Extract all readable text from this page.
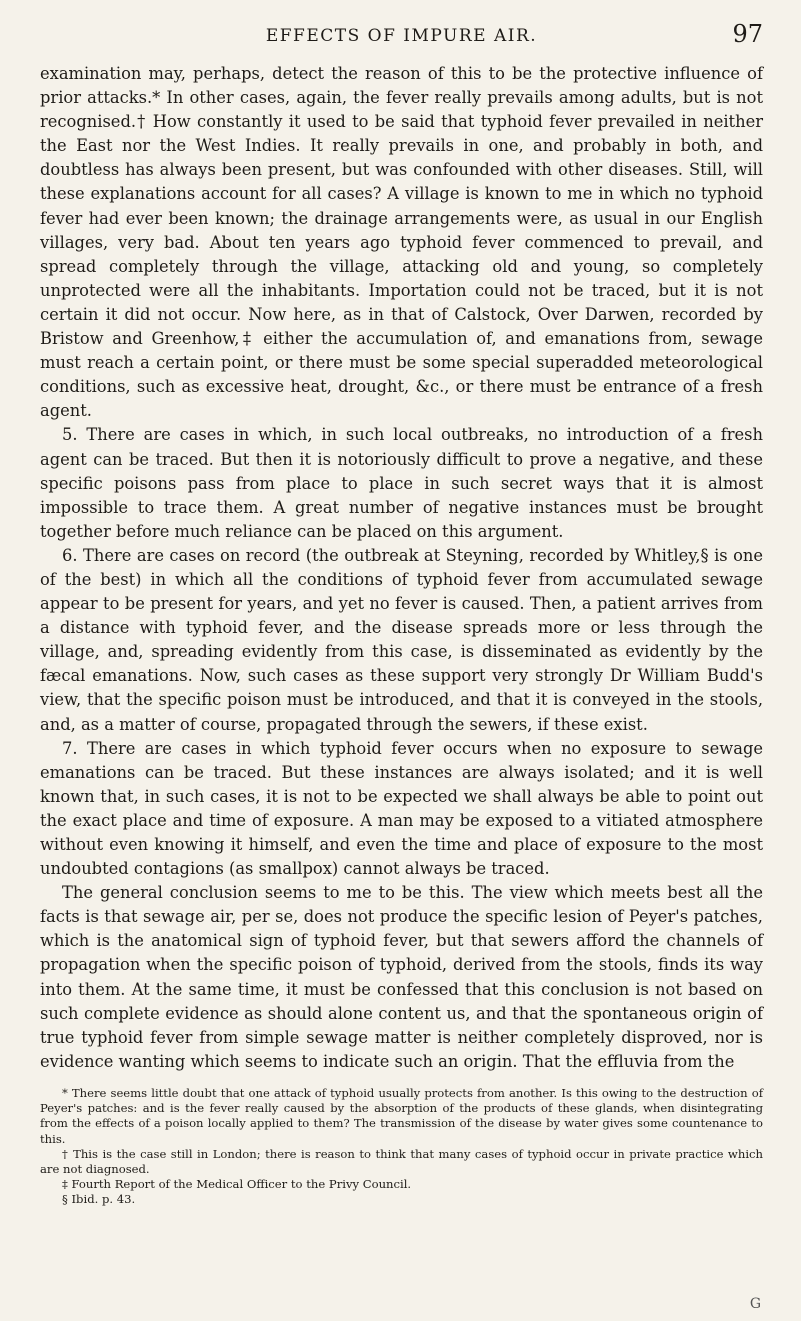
EFFECTS OF IMPURE AIR.	97

examination may, perhaps, detect the reason of this to be the protective influence of prior attacks.* In other cases, again, the fever really prevails among adults, but is not recognised.† How constantly it used to be said that typhoid fever prevailed in neither the East nor the West Indies. It really prevails in one, and probably in both, and doubtless has always been present, but was confounded with other diseases. Still, will these explanations account for all cases? A village is known to me in which no typhoid fever had ever been known; the drainage arrangements were, as usual in our English villages, very bad. About ten years ago typhoid fever commenced to prevail, and spread completely through the village, attacking old and young, so completely unprotected were all the inhabitants. Importation could not be traced, but it is not certain it did not occur. Now here, as in that of Calstock, Over Darwen, recorded by Bristow and Greenhow,‡ either the accumulation of, and emanations from, sewage must reach a certain point, or there must be some special superadded meteorological conditions, such as excessive heat, drought, &c., or there must be entrance of a fresh agent.

5. There are cases in which, in such local outbreaks, no introduction of a fresh agent can be traced. But then it is notoriously difficult to prove a negative, and these specific poisons pass from place to place in such secret ways that it is almost impossible to trace them. A great number of negative instances must be brought together before much reliance can be placed on this argument.

6. There are cases on record (the outbreak at Steyning, recorded by Whitley,§ is one of the best) in which all the conditions of typhoid fever from accumulated sewage appear to be present for years, and yet no fever is caused. Then, a patient arrives from a distance with typhoid fever, and the disease spreads more or less through the village, and, spreading evidently from this case, is disseminated as evidently by the fæcal emanations. Now, such cases as these support very strongly Dr William Budd's view, that the specific poison must be introduced, and that it is conveyed in the stools, and, as a matter of course, propagated through the sewers, if these exist.

7. There are cases in which typhoid fever occurs when no exposure to sewage emanations can be traced. But these instances are always isolated; and it is well known that, in such cases, it is not to be expected we shall always be able to point out the exact place and time of exposure. A man may be exposed to a vitiated atmosphere without even knowing it himself, and even the time and place of exposure to the most undoubted contagions (as smallpox) cannot always be traced.

The general conclusion seems to me to be this. The view which meets best all the facts is that sewage air, per se, does not produce the specific lesion of Peyer's patches, which is the anatomical sign of typhoid fever, but that sewers afford the channels of propagation when the specific poison of typhoid, derived from the stools, finds its way into them. At the same time, it must be confessed that this conclusion is not based on such complete evidence as should alone content us, and that the spontaneous origin of true typhoid fever from simple sewage matter is neither completely disproved, nor is evidence wanting which seems to indicate such an origin. That the effluvia from the

* There seems little doubt that one attack of typhoid usually protects from another. Is this owing to the destruction of Peyer's patches: and is the fever really caused by the absorption of the products of these glands, when disintegrating from the effects of a poison locally applied to them? The transmission of the disease by water gives some countenance to this.

† This is the case still in London; there is reason to think that many cases of typhoid occur in private practice which are not diagnosed.

‡ Fourth Report of the Medical Officer to the Privy Council.

§ Ibid. p. 43.

G
